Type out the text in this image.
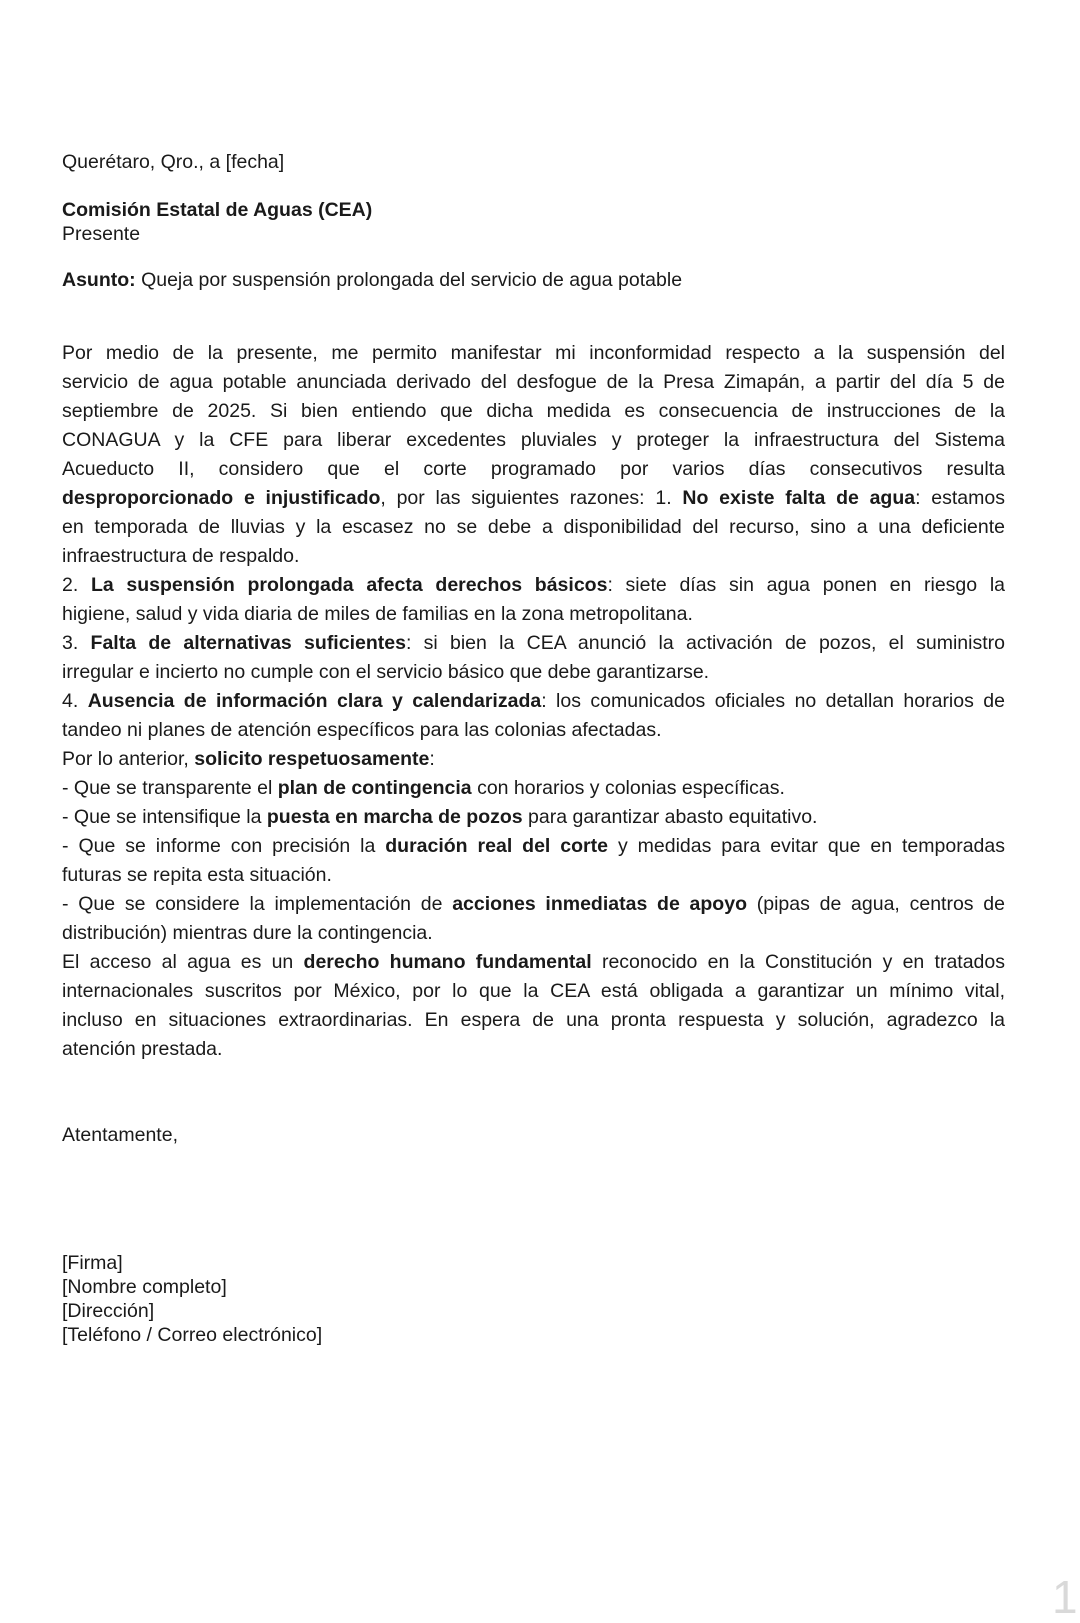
Querétaro, Qro., a [fecha]
Comisión Estatal de Aguas (CEA)
Presente
Asunto: Queja por suspensión prolongada del servicio de agua potable
Por medio de la presente, me permito manifestar mi inconformidad respecto a la suspensión del
servicio de agua potable anunciada derivado del desfogue de la Presa Zimapán, a partir del día 5 de
septiembre de 2025. Si bien entiendo que dicha medida es consecuencia de instrucciones de la
CONAGUA y la CFE para liberar excedentes pluviales y proteger la infraestructura del Sistema
Acueducto II, considero que el corte programado por varios días consecutivos resulta
desproporcionado e injustificado, por las siguientes razones: 1. No existe falta de agua: estamos
en temporada de lluvias y la escasez no se debe a disponibilidad del recurso, sino a una deficiente
infraestructura de respaldo.
2. La suspensión prolongada afecta derechos básicos: siete días sin agua ponen en riesgo la
higiene, salud y vida diaria de miles de familias en la zona metropolitana.
3. Falta de alternativas suficientes: si bien la CEA anunció la activación de pozos, el suministro
irregular e incierto no cumple con el servicio básico que debe garantizarse.
4. Ausencia de información clara y calendarizada: los comunicados oficiales no detallan horarios de
tandeo ni planes de atención específicos para las colonias afectadas.
Por lo anterior, solicito respetuosamente:
- Que se transparente el plan de contingencia con horarios y colonias específicas.
- Que se intensifique la puesta en marcha de pozos para garantizar abasto equitativo.
- Que se informe con precisión la duración real del corte y medidas para evitar que en temporadas
futuras se repita esta situación.
- Que se considere la implementación de acciones inmediatas de apoyo (pipas de agua, centros de
distribución) mientras dure la contingencia.
El acceso al agua es un derecho humano fundamental reconocido en la Constitución y en tratados
internacionales suscritos por México, por lo que la CEA está obligada a garantizar un mínimo vital,
incluso en situaciones extraordinarias. En espera de una pronta respuesta y solución, agradezco la
atención prestada.
Atentamente,
[Firma]
[Nombre completo]
[Dirección]
[Teléfono / Correo electrónico]
1
